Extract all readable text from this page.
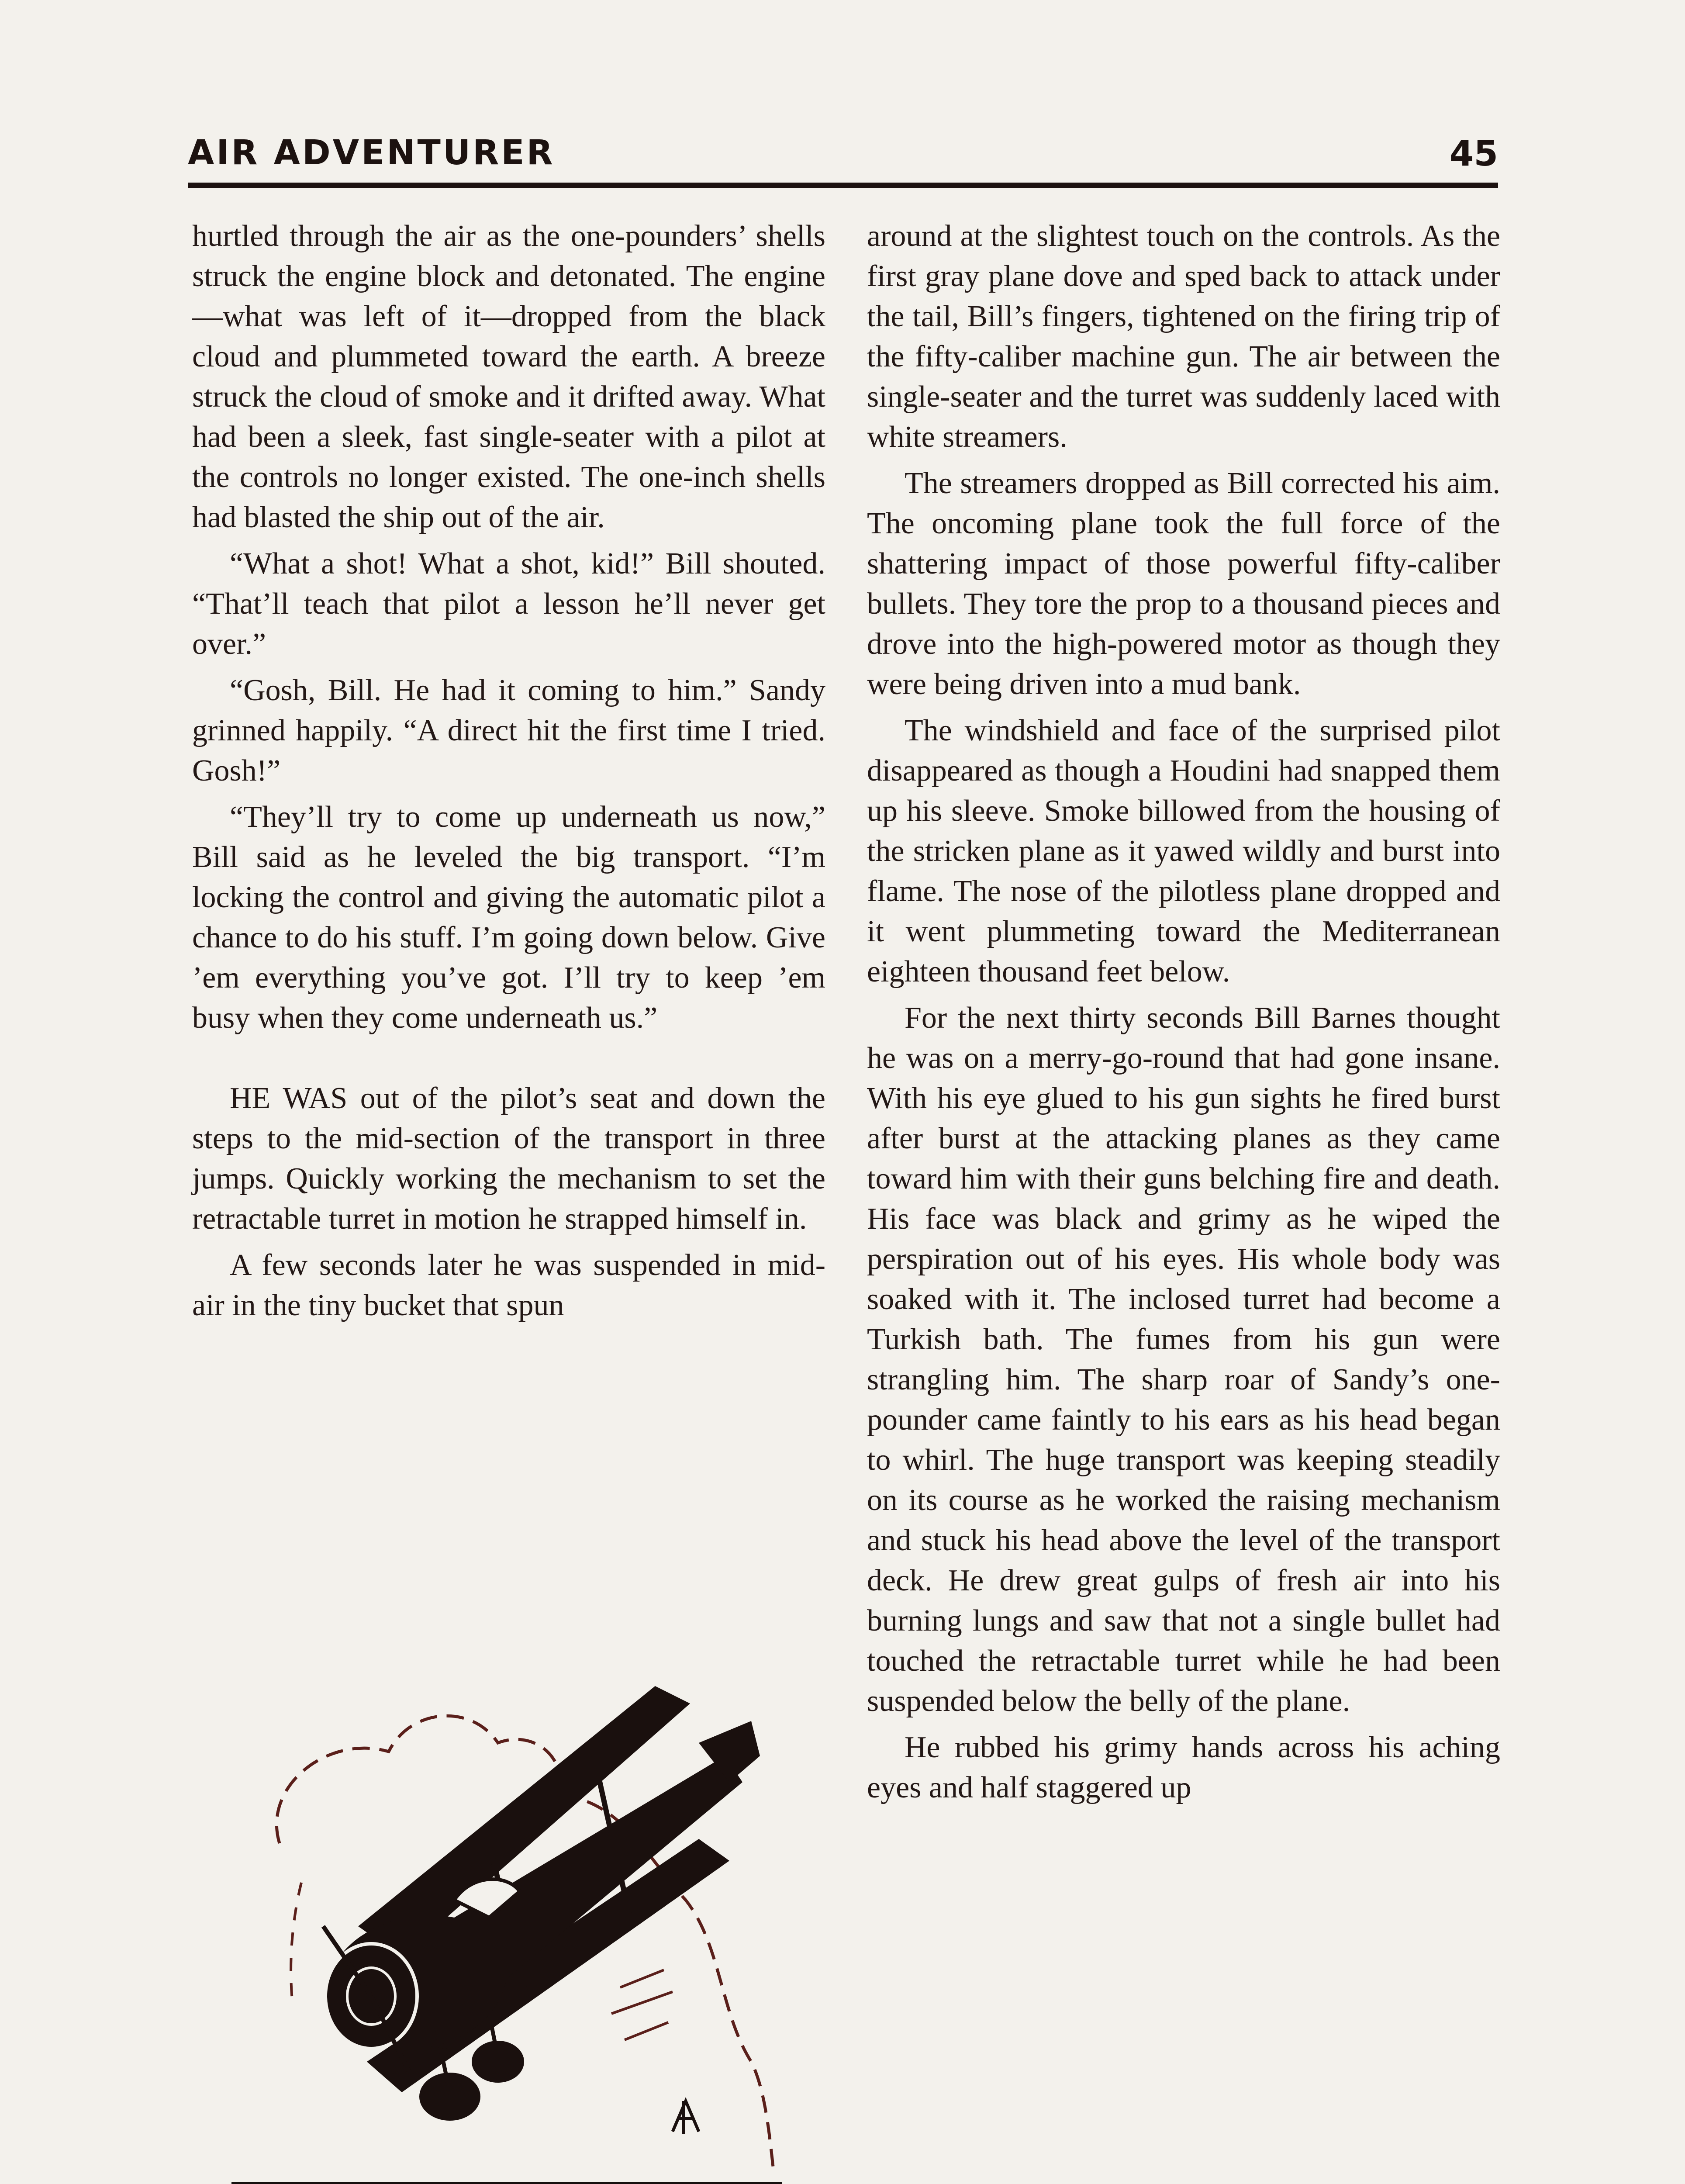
AIR ADVENTURER	45

hurtled through the air as the one-pounders’ shells struck the engine block and detonated. The engine—what was left of it—dropped from the black cloud and plummeted toward the earth. A breeze struck the cloud of smoke and it drifted away. What had been a sleek, fast single-seater with a pilot at the controls no longer existed. The one-inch shells had blasted the ship out of the air.

“What a shot! What a shot, kid!” Bill shouted. “That’ll teach that pilot a lesson he’ll never get over.”

“Gosh, Bill. He had it coming to him.” Sandy grinned happily. “A direct hit the first time I tried. Gosh!”

“They’ll try to come up underneath us now,” Bill said as he leveled the big transport. “I’m locking the control and giving the automatic pilot a chance to do his stuff. I’m going down below. Give ’em everything you’ve got. I’ll try to keep ’em busy when they come underneath us.”

HE WAS out of the pilot’s seat and down the steps to the mid-section of the transport in three jumps. Quickly working the mechanism to set the retractable turret in motion he strapped himself in.

A few seconds later he was suspended in mid-air in the tiny bucket that spun

around at the slightest touch on the controls. As the first gray plane dove and sped back to attack under the tail, Bill’s fingers, tightened on the firing trip of the fifty-caliber machine gun. The air between the single-seater and the turret was suddenly laced with white streamers.

The streamers dropped as Bill corrected his aim. The oncoming plane took the full force of the shattering impact of those powerful fifty-caliber bullets. They tore the prop to a thousand pieces and drove into the high-powered motor as though they were being driven into a mud bank.

The windshield and face of the surprised pilot disappeared as though a Houdini had snapped them up his sleeve. Smoke billowed from the housing of the stricken plane as it yawed wildly and burst into flame. The nose of the pilotless plane dropped and it went plummeting toward the Mediterranean eighteen thousand feet below.

For the next thirty seconds Bill Barnes thought he was on a merry-go-round that had gone insane. With his eye glued to his gun sights he fired burst after burst at the attacking planes as they came toward him with their guns belching fire and death. His face was black and grimy as he wiped the perspiration out of his eyes. His whole body was soaked with it. The inclosed turret had become a Turkish bath. The fumes from his gun were strangling him. The sharp roar of Sandy’s one-pounder came faintly to his ears as his head began to whirl. The huge transport was keeping steadily on its course as he worked the raising mechanism and stuck his head above the level of the transport deck. He drew great gulps of fresh air into his burning lungs and saw that not a single bullet had touched the retractable turret while he had been suspended below the belly of the plane.

He rubbed his grimy hands across his aching eyes and half staggered up
